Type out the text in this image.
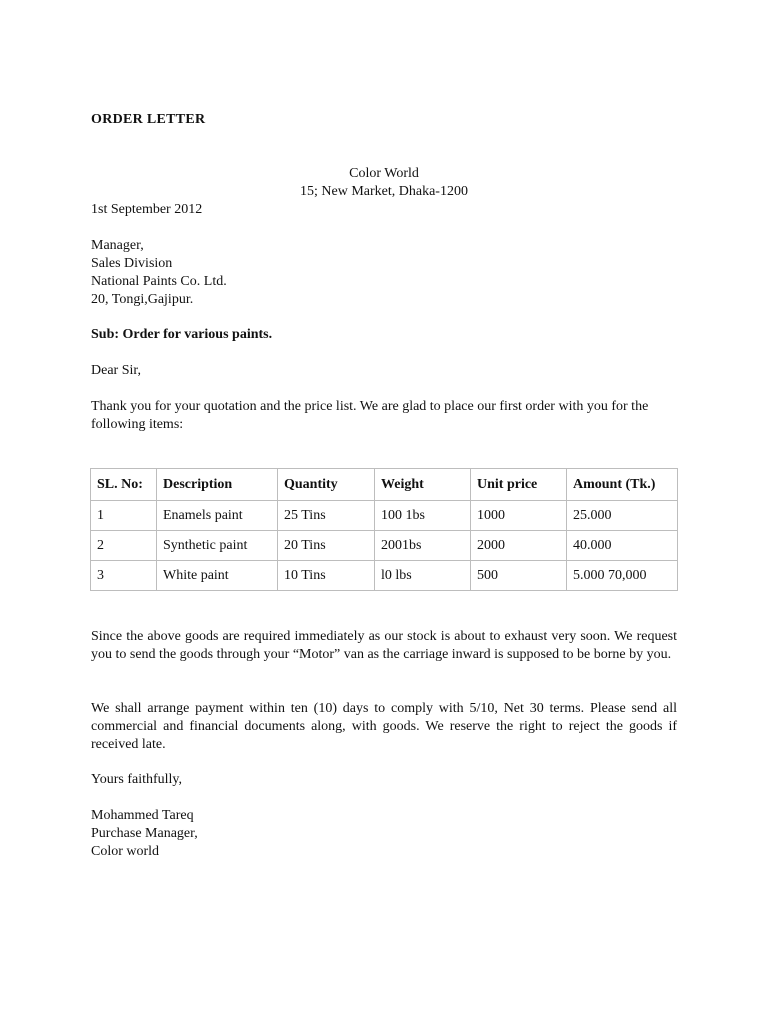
ORDER LETTER
Color World
15; New Market, Dhaka-1200
1st September 2012
Manager,
Sales Division
National Paints Co. Ltd.
20, Tongi,Gajipur.
Sub: Order for various paints.
Dear Sir,
Thank you for your quotation and the price list. We are glad to place our first order with you for the following items:
SL. No:	Description	Quantity	Weight	Unit price	Amount (Tk.)
1	Enamels paint	25 Tins	100 1bs	1000	25.000
2	Synthetic paint	20 Tins	2001bs	2000	40.000
3	White paint	10 Tins	l0 lbs	500	5.000 70,000
Since the above goods are required immediately as our stock is about to exhaust very soon. We request you to send the goods through your “Motor” van as the carriage inward is supposed to be borne by you.
We shall arrange payment within ten (10) days to comply with 5/10, Net 30 terms. Please send all commercial and financial documents along, with goods. We reserve the right to reject the goods if received late.
Yours faithfully,
Mohammed Tareq
Purchase Manager,
Color world
